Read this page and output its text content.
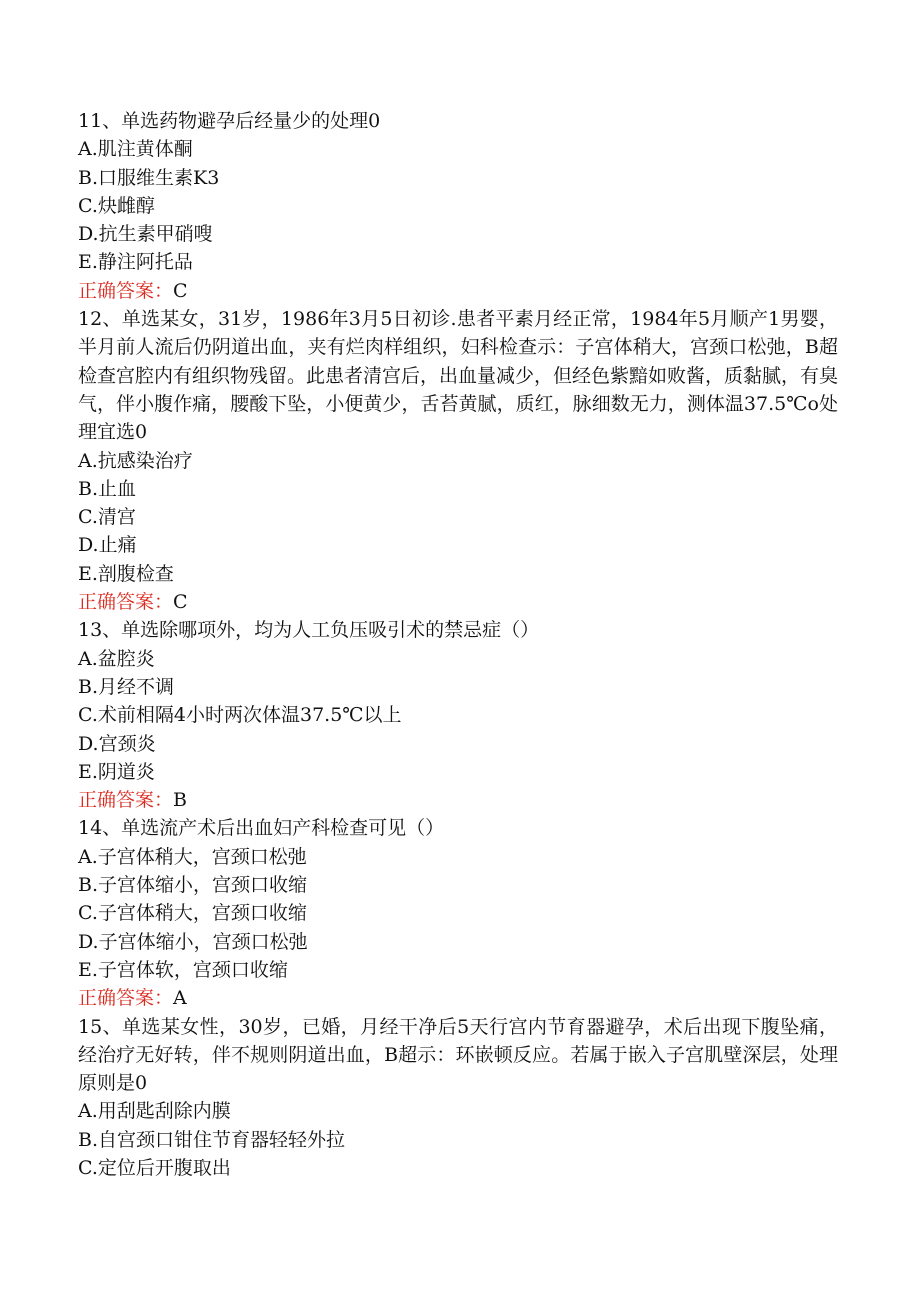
11、单选药物避孕后经量少的处理0
A.肌注黄体酮
B.口服维生素K3
C.炔雌醇
D.抗生素甲硝嗖
E.静注阿托品
正确答案：C
12、单选某女，31岁，1986年3月5日初诊.患者平素月经正常，1984年5月顺产1男婴，半月前人流后仍阴道出血，夹有烂肉样组织，妇科检查示：子宫体稍大，宫颈口松弛，B超检查宫腔内有组织物残留。此患者清宫后，出血量减少，但经色紫黯如败酱，质黏腻，有臭气，伴小腹作痛，腰酸下坠，小便黄少，舌苔黄腻，质红，脉细数无力，测体温37.5℃o处理宜选0
A.抗感染治疗
B.止血
C.清宫
D.止痛
E.剖腹检查
正确答案：C
13、单选除哪项外，均为人工负压吸引术的禁忌症（）
A.盆腔炎
B.月经不调
C.术前相隔4小时两次体温37.5℃以上
D.宫颈炎
E.阴道炎
正确答案：B
14、单选流产术后出血妇产科检查可见（）
A.子宫体稍大，宫颈口松弛
B.子宫体缩小，宫颈口收缩
C.子宫体稍大，宫颈口收缩
D.子宫体缩小，宫颈口松弛
E.子宫体软，宫颈口收缩
正确答案：A
15、单选某女性，30岁，已婚，月经干净后5天行宫内节育器避孕，术后出现下腹坠痛，经治疗无好转，伴不规则阴道出血，B超示：环嵌顿反应。若属于嵌入子宫肌壁深层，处理原则是0
A.用刮匙刮除内膜
B.自宫颈口钳住节育器轻轻外拉
C.定位后开腹取出
